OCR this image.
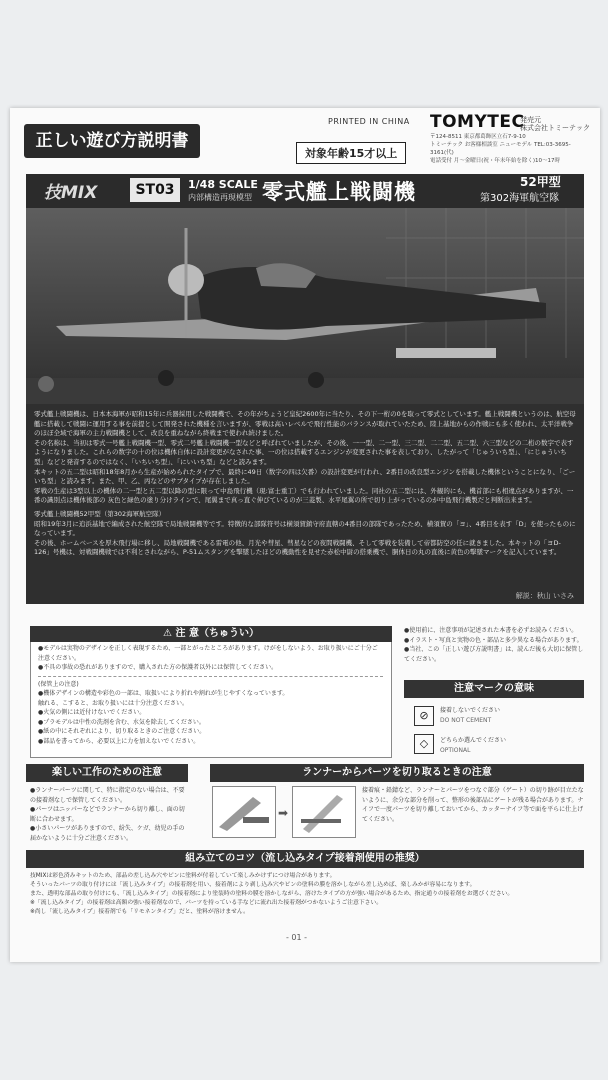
正しい遊び方説明書
PRINTED IN CHINA TOMYTEC
発売元
株式会社トミーテック
〒124-8511 東京都葛飾区立石7-9-10
トミーテック お客様相談室 ニューモデル TEL:03-3695-3161(代)
電話受付 月〜金曜日(祝・年末年始を除く)10〜17時
対象年齢15才以上
技MIX	ST03	1/48 SCALE
内部構造再現模型 零式艦上戦闘機	52甲型
第302海軍航空隊

零式艦上戦闘機は、日本本海軍が昭和15年に兵器採用した戦闘機で、その年がちょうど皇紀2600年に当たり、その下一桁の0を取って零式としています。艦上戦闘機というのは、航空母艦に搭載して戦闘に運用する事を前提として開発された機種を言いますが、零戦は高いレベルで飛行性能のバランスが取れていたため、陸上基地からの作戦にも多く使われ、太平洋戦争のほぼ全域で海軍の主力戦闘機として、改良を重ねながら終戦まで使われ続けました。

その名称は、当初は零式一号艦上戦闘機一型、零式二号艦上戦闘機一型などと呼ばれていましたが、その後、一一型、二一型、三二型、二二型、五二型、六三型などの二桁の数字で表すようになりました。これらの数字の十の位は機体自体に設計変更がなされた事、一の位は搭載するエンジンが変更された事を表しており、したがって「じゅういち型」、「にじゅういち型」などと発音するのではなく、「いちいち型」、「にいいち型」などと読みます。

本キットの五二型は昭和18年8月から生産が始められたタイプで、最終に49日（数字の四は欠番）の設計変更が行われ、2番目の改良型エンジンを搭載した機体ということになり、「ごーいち型」と読みます。また、甲、乙、丙などのサブタイプが存在しました。

零戦の生産は3型以上の機体の二一型と五二型以降の型に限って中島飛行機（現:富士重工）でも行われていました。同社の五二型には、外観的にも、機首部にも相違点がありますが、一番の識別点は機体後部の 灰色と緑色の塗り分けラインで、尾翼まで真っ直ぐ伸びているのが三菱製、水平尾翼の所で切り上がっているのが中島飛行機製だと判断出来ます。

零式艦上戦闘機52甲型（第302海軍航空隊）

昭和19年3月に追浜基地で編成された航空隊で局地戦闘機等です。特徴的な部隊符号は横須賀鎮守府直轄の4番目の部隊であったため、横須賀の「ヨ」、4番目を表す「D」を使ったものになっています。

その後、ホームベースを厚木飛行場に移し、局地戦闘機である雷電の他、月光や彗星、彗星などの夜間戦闘機、そして零戦を装備して帝都防空の任に就きました。本キットの「ヨD-126」号機は、対戦闘機戦では不利とされながら、P-51ムスタングを撃墜したほどの機動性を見せた赤松中尉の搭乗機で、胴体日の丸の直後に黄色の撃墜マークを記入しています。

解説：秋山 いさみ
⚠ 注 意（ちゅうい）
●モデルは実物のデザインを正しく表現するため、一部とがったところがあります。けがをしないよう、お取り扱いにご十分ご注意ください。
●不具の事故の恐れがありますので、購入された方の保護者以外には保管してください。
(保管上の注意)
●機体デザインの構造や彩色の一部は、取扱いにより折れや割れが生じやすくなっています。
触れる、こすると、お取り扱いには十分注意ください。
●火気の側には近付けないでください。
●プラモデルは中性の洗剤を含む、水気を除去してください。
●紙の中にそれぞれにより、切り取るときのご注意ください。
●部品を書ってから、必要以上に力を加えないでください。
●使用前に、注意事項が記述された本書を必ずお読みください。
●イラスト・写真と実物の色・部品と多少異なる場合があります。
●当社、この「正しい遊び方説明書」は、読んだ後も大切に保管してください。
注意マークの意味
⊘	接着しないでください
DO NOT CEMENT
◇	どちらか選んでください
OPTIONAL
楽しい工作のための注意
●ランナーパーツに関して、特に指定のない場合は、不要の接着剤なしで保管してください。
●パーツはニッパーなどでランナーから切り離し、面の切断に合わせます。
●小さいパーツがありますので、紛失、ケガ、幼児の手の届かないように十分ご注意ください。
ランナーからパーツを切り取るときの注意
➡
接着痕・鉛錆など、ランナーとパーツをつなぐ部分（ゲート）の切り跡が目立たないように、余分な部分を削って、整形の後部品にゲートが残る場合があります。ナイフで一度パーツを切り離しておいてから、カッターナイフ等で面を平らに仕上げてください。
組み立てのコツ（流し込みタイプ接着剤使用の推奨）
技MIXは彩色済みキットのため、部品の差し込み穴やピンに塗料が付着していて楽しみかけずにつけ場合があります。
そういったパーツの取り付けには「流し込みタイプ」の接着剤を用い、接着剤により剥し込み穴やピンの塗料の膜を溶かしながら差し込めば、楽しみかが容易になります。
また、透明な部品の取り付けにも、「流し込みタイプ」の接着剤により塗装時の塗料の膜を溶かしながら、溶けたタイプの方が強い場合があるため、指定通りの接着剤をお選びください。
※「流し込みタイプ」の接着剤は高額の強い接着剤なので、パーツを持っている手などに流れ出た接着剤がつかないようご注意下さい。
※尚し「流し込みタイプ」接着剤でも「リモネンタイプ」だと、塗料が溶けません。
- 01 -
